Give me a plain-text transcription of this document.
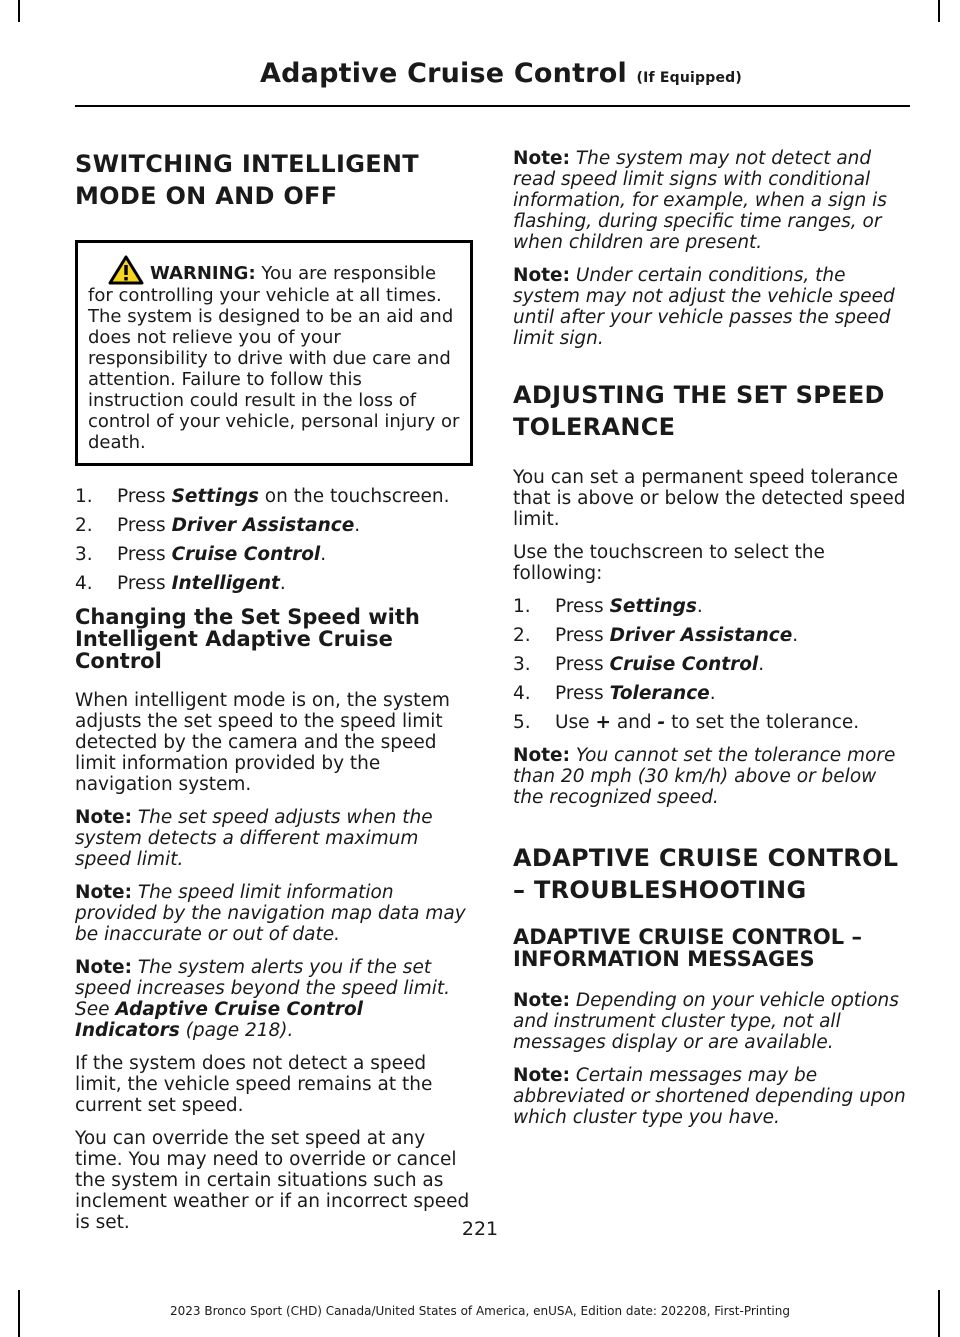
Adaptive Cruise Control (If Equipped)
SWITCHING INTELLIGENT
MODE ON AND OFF
WARNING: You are responsible for controlling your vehicle at all times. The system is designed to be an aid and does not relieve you of your responsibility to drive with due care and attention. Failure to follow this instruction could result in the loss of control of your vehicle, personal injury or death.
1.	Press Settings on the touchscreen.
2.	Press Driver Assistance.
3.	Press Cruise Control.
4.	Press Intelligent.
Changing the Set Speed with Intelligent Adaptive Cruise Control

When intelligent mode is on, the system adjusts the set speed to the speed limit detected by the camera and the speed limit information provided by the navigation system.

Note: The set speed adjusts when the system detects a different maximum speed limit.

Note: The speed limit information provided by the navigation map data may be inaccurate or out of date.

Note: The system alerts you if the set speed increases beyond the speed limit. See Adaptive Cruise Control Indicators (page 218).

If the system does not detect a speed limit, the vehicle speed remains at the current set speed.

You can override the set speed at any time. You may need to override or cancel the system in certain situations such as inclement weather or if an incorrect speed is set.

Note: The system may not detect and read speed limit signs with conditional information, for example, when a sign is flashing, during specific time ranges, or when children are present.

Note: Under certain conditions, the system may not adjust the vehicle speed until after your vehicle passes the speed limit sign.

ADJUSTING THE SET SPEED
TOLERANCE

You can set a permanent speed tolerance that is above or below the detected speed limit.

Use the touchscreen to select the following:

1.	Press Settings.
2.	Press Driver Assistance.
3.	Press Cruise Control.
4.	Press Tolerance.
5.	Use + and - to set the tolerance.

Note: You cannot set the tolerance more than 20 mph (30 km/h) above or below the recognized speed.

ADAPTIVE CRUISE CONTROL
– TROUBLESHOOTING
ADAPTIVE CRUISE CONTROL – INFORMATION MESSAGES

Note: Depending on your vehicle options and instrument cluster type, not all messages display or are available.

Note: Certain messages may be abbreviated or shortened depending upon which cluster type you have.

221
2023 Bronco Sport (CHD) Canada/United States of America, enUSA, Edition date: 202208, First-Printing
